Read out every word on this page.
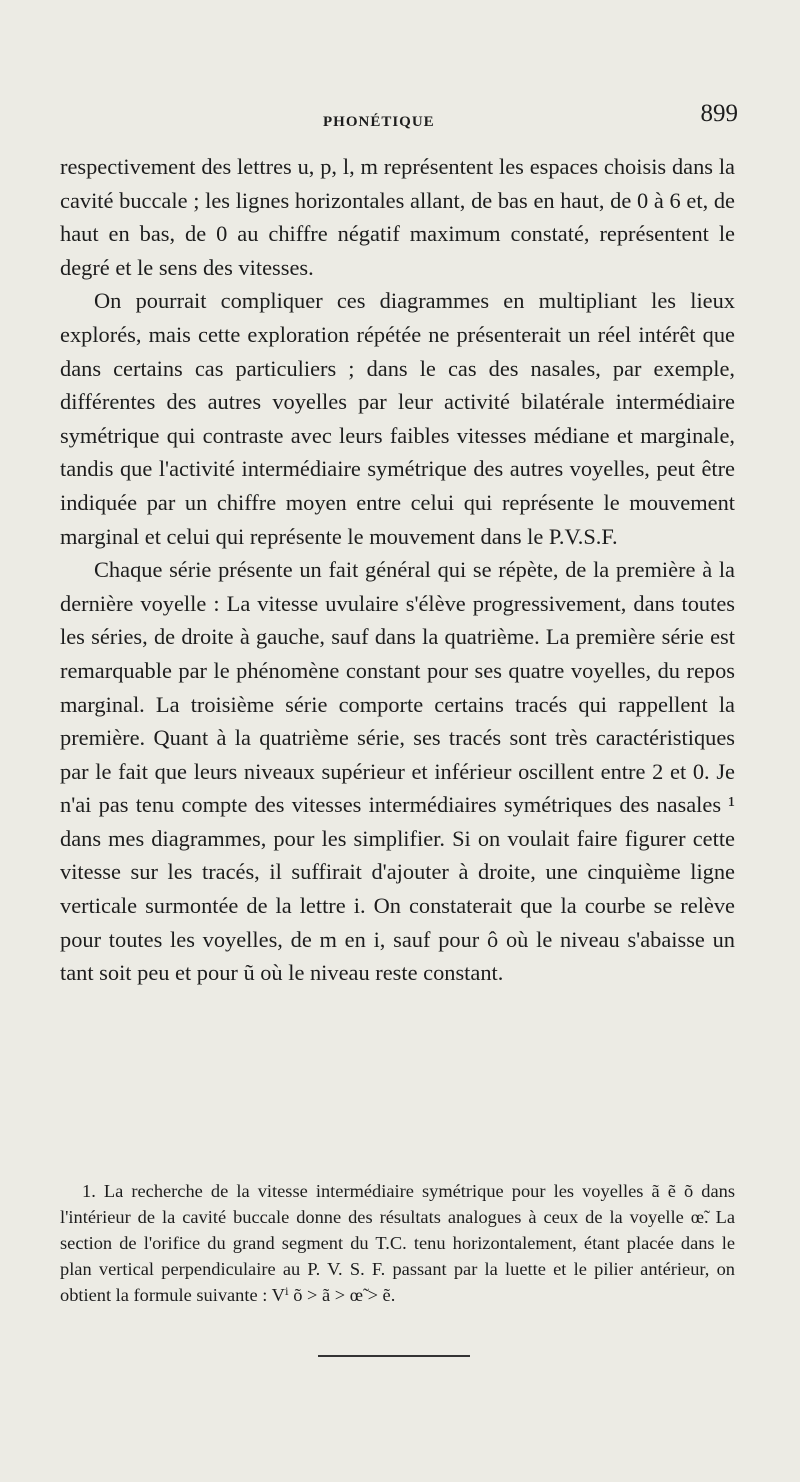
PHONÉTIQUE	899

respectivement des lettres u, p, l, m représentent les espaces choisis dans la cavité buccale ; les lignes horizontales allant, de bas en haut, de 0 à 6 et, de haut en bas, de 0 au chiffre négatif maximum constaté, représentent le degré et le sens des vitesses.

On pourrait compliquer ces diagrammes en multipliant les lieux explorés, mais cette exploration répétée ne présenterait un réel intérêt que dans certains cas particuliers ; dans le cas des nasales, par exemple, différentes des autres voyelles par leur activité bilatérale intermédiaire symétrique qui contraste avec leurs faibles vitesses médiane et marginale, tandis que l'activité intermédiaire symétrique des autres voyelles, peut être indiquée par un chiffre moyen entre celui qui représente le mouvement marginal et celui qui représente le mouvement dans le P.V.S.F.

Chaque série présente un fait général qui se répète, de la première à la dernière voyelle : La vitesse uvulaire s'élève progressivement, dans toutes les séries, de droite à gauche, sauf dans la quatrième. La première série est remarquable par le phénomène constant pour ses quatre voyelles, du repos marginal. La troisième série comporte certains tracés qui rappellent la première. Quant à la quatrième série, ses tracés sont très caractéristiques par le fait que leurs niveaux supérieur et inférieur oscillent entre 2 et 0. Je n'ai pas tenu compte des vitesses intermédiaires symétriques des nasales ¹ dans mes diagrammes, pour les simplifier. Si on voulait faire figurer cette vitesse sur les tracés, il suffirait d'ajouter à droite, une cinquième ligne verticale surmontée de la lettre i. On constaterait que la courbe se relève pour toutes les voyelles, de m en i, sauf pour ô où le niveau s'abaisse un tant soit peu et pour ũ où le niveau reste constant.

1. La recherche de la vitesse intermédiaire symétrique pour les voyelles ã ẽ õ dans l'intérieur de la cavité buccale donne des résultats analogues à ceux de la voyelle œ̃. La section de l'orifice du grand segment du T.C. tenu horizontalement, étant placée dans le plan vertical perpendiculaire au P. V. S. F. passant par la luette et le pilier antérieur, on obtient la formule suivante : Vⁱ õ > ã > œ̃ > ẽ.
